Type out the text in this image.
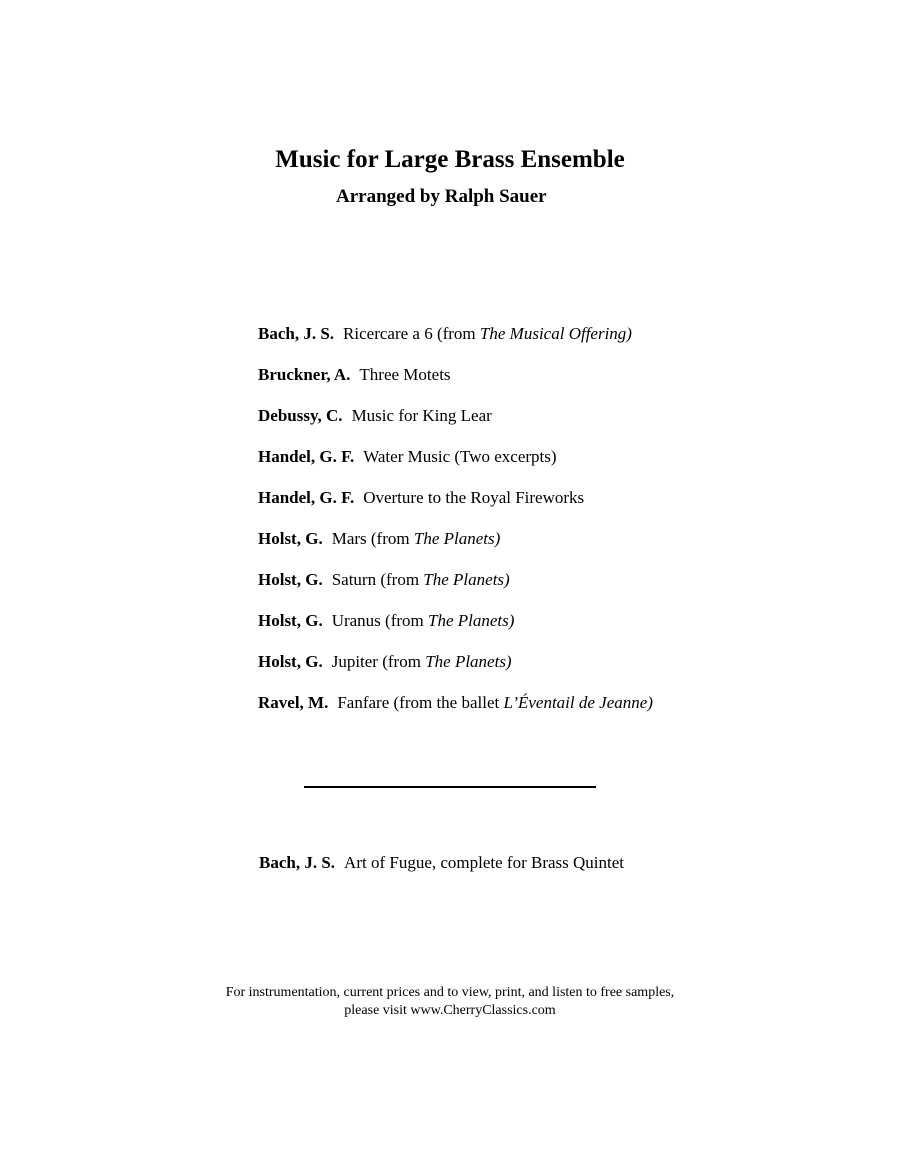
Music for Large Brass Ensemble
Arranged by Ralph Sauer
Bach, J. S. Ricercare a 6 (from The Musical Offering)
Bruckner, A. Three Motets
Debussy, C. Music for King Lear
Handel, G. F. Water Music (Two excerpts)
Handel, G. F. Overture to the Royal Fireworks
Holst, G. Mars (from The Planets)
Holst, G. Saturn (from The Planets)
Holst, G. Uranus (from The Planets)
Holst, G. Jupiter (from The Planets)
Ravel, M. Fanfare (from the ballet L’Éventail de Jeanne)
Bach, J. S. Art of Fugue, complete for Brass Quintet
For instrumentation, current prices and to view, print, and listen to free samples,
please visit www.CherryClassics.com
